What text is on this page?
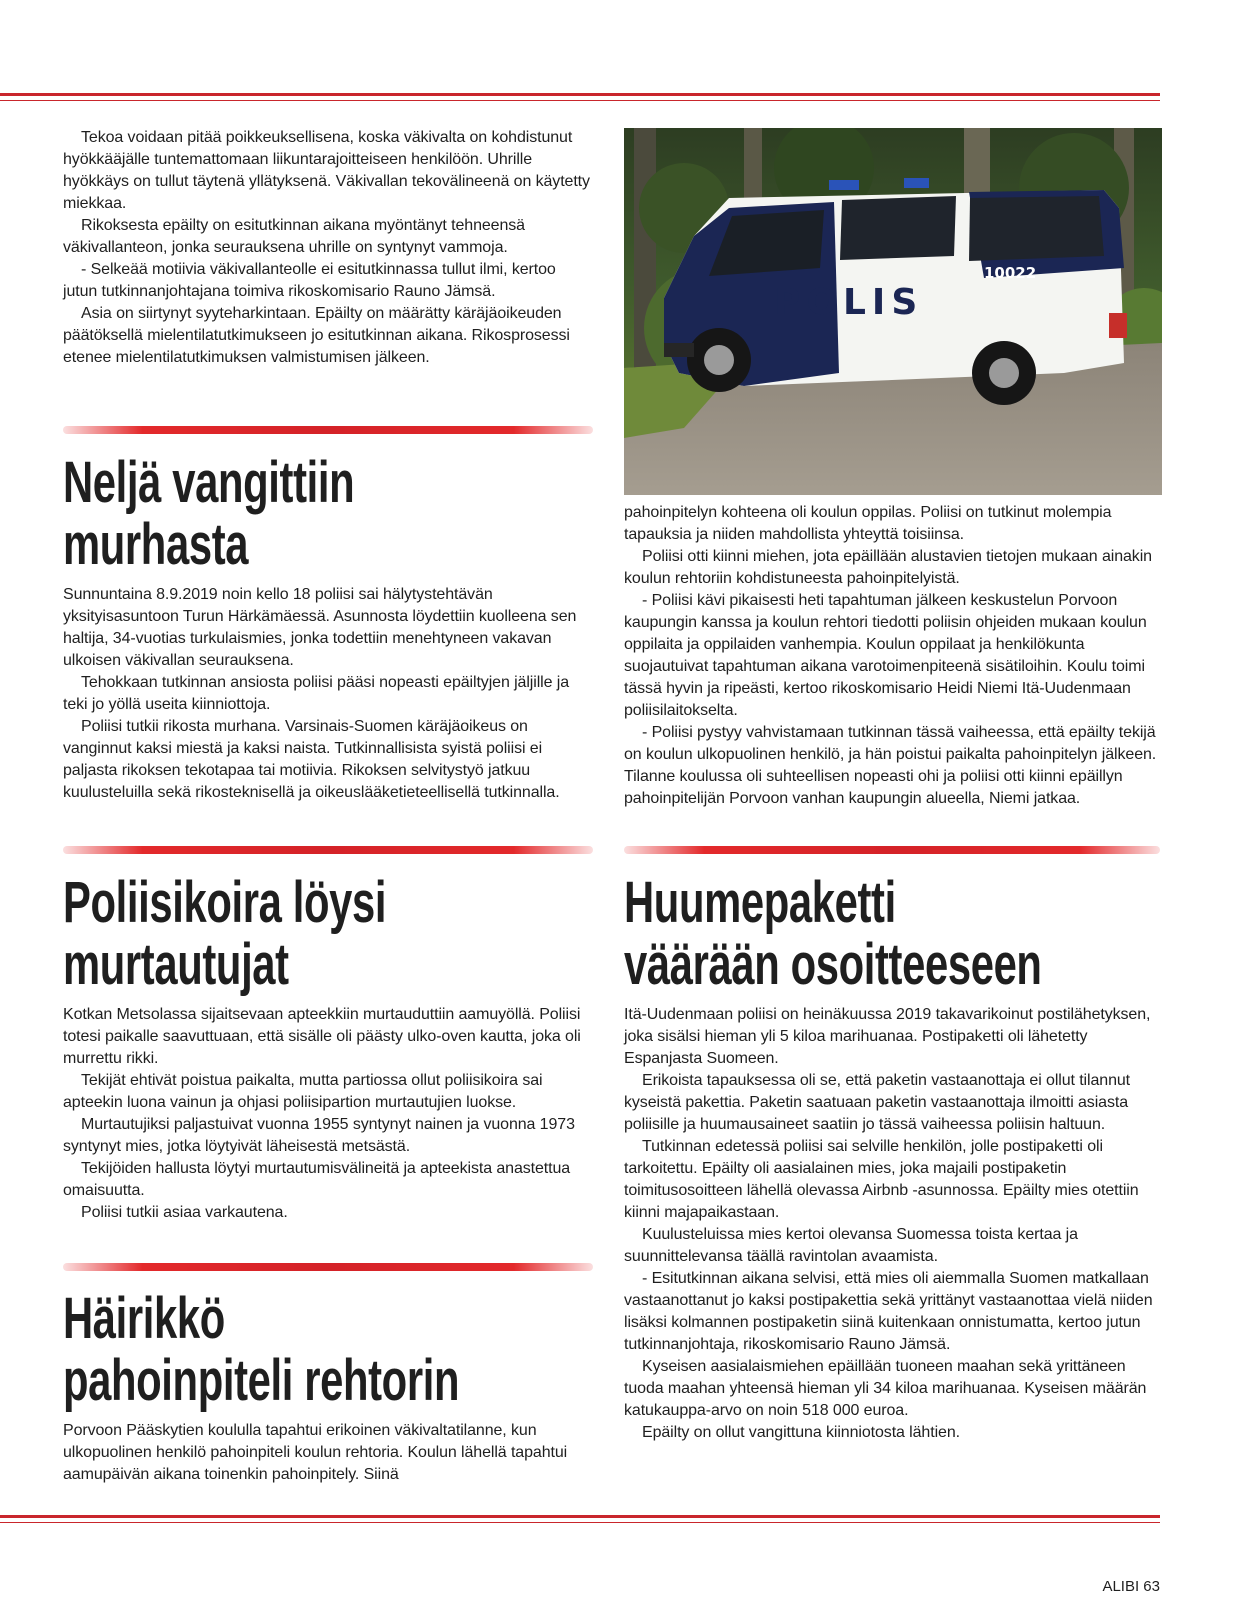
Tekoa voidaan pitää poikkeuksellisena, koska väkivalta on kohdistunut hyökkääjälle tuntemattomaan liikuntarajoitteiseen henkilöön. Uhrille hyökkäys on tullut täytenä yllätyksenä. Väkivallan tekovälineenä on käytetty miekkaa.

Rikoksesta epäilty on esitutkinnan aikana myöntänyt tehneensä väkivallanteon, jonka seurauksena uhrille on syntynyt vammoja.

- Selkeää motiivia väkivallanteolle ei esitutkinnassa tullut ilmi, kertoo jutun tutkinnanjohtajana toimiva rikoskomisario Rauno Jämsä.

Asia on siirtynyt syyteharkintaan. Epäilty on määrätty käräjäoikeuden päätöksellä mielentilatutkimukseen jo esitutkinnan aikana. Rikosprosessi etenee mielentilatutkimuksen valmistumisen jälkeen.

POLIS
10022
Neljä vangittiin
murhasta

Sunnuntaina 8.9.2019 noin kello 18 poliisi sai hälytystehtävän yksityisasuntoon Turun Härkämäessä. Asunnosta löydettiin kuolleena sen haltija, 34-vuotias turkulaismies, jonka todettiin menehtyneen vakavan ulkoisen väkivallan seurauksena.

Tehokkaan tutkinnan ansiosta poliisi pääsi nopeasti epäiltyjen jäljille ja teki jo yöllä useita kiinniottoja.

Poliisi tutkii rikosta murhana. Varsinais-Suomen käräjäoikeus on vanginnut kaksi miestä ja kaksi naista. Tutkinnallisista syistä poliisi ei paljasta rikoksen tekotapaa tai motiivia. Rikoksen selvitystyö jatkuu kuulusteluilla sekä rikosteknisellä ja oikeuslääketieteellisellä tutkinnalla.

pahoinpitelyn kohteena oli koulun oppilas. Poliisi on tutkinut molempia tapauksia ja niiden mahdollista yhteyttä toisiinsa.

Poliisi otti kiinni miehen, jota epäillään alustavien tietojen mukaan ainakin koulun rehtoriin kohdistuneesta pahoinpitelyistä.

- Poliisi kävi pikaisesti heti tapahtuman jälkeen keskustelun Porvoon kaupungin kanssa ja koulun rehtori tiedotti poliisin ohjeiden mukaan koulun oppilaita ja oppilaiden vanhempia. Koulun oppilaat ja henkilökunta suojautuivat tapahtuman aikana varotoimenpiteenä sisätiloihin. Koulu toimi tässä hyvin ja ripeästi, kertoo rikoskomisario Heidi Niemi Itä-Uudenmaan poliisilaitokselta.

- Poliisi pystyy vahvistamaan tutkinnan tässä vaiheessa, että epäilty tekijä on koulun ulkopuolinen henkilö, ja hän poistui paikalta pahoinpitelyn jälkeen. Tilanne koulussa oli suhteellisen nopeasti ohi ja poliisi otti kiinni epäillyn pahoinpitelijän Porvoon vanhan kaupungin alueella, Niemi jatkaa.

Poliisikoira löysi
murtautujat

Kotkan Metsolassa sijaitsevaan apteekkiin murtauduttiin aamuyöllä. Poliisi totesi paikalle saavuttuaan, että sisälle oli päästy ulko-oven kautta, joka oli murrettu rikki.

Tekijät ehtivät poistua paikalta, mutta partiossa ollut poliisikoira sai apteekin luona vainun ja ohjasi poliisipartion murtautujien luokse.

Murtautujiksi paljastuivat vuonna 1955 syntynyt nainen ja vuonna 1973 syntynyt mies, jotka löytyivät läheisestä metsästä.

Tekijöiden hallusta löytyi murtautumisvälineitä ja apteekista anastettua omaisuutta.

Poliisi tutkii asiaa varkautena.

Häirikkö
pahoinpiteli rehtorin

Porvoon Pääskytien koululla tapahtui erikoinen väkivaltatilanne, kun ulkopuolinen henkilö pahoinpiteli koulun rehtoria. Koulun lähellä tapahtui aamupäivän aikana toinenkin pahoinpitely. Siinä

Huumepaketti
väärään osoitteeseen

Itä-Uudenmaan poliisi on heinäkuussa 2019 takavarikoinut postilähetyksen, joka sisälsi hieman yli 5 kiloa marihuanaa. Postipaketti oli lähetetty Espanjasta Suomeen.

Erikoista tapauksessa oli se, että paketin vastaanottaja ei ollut tilannut kyseistä pakettia. Paketin saatuaan paketin vastaanottaja ilmoitti asiasta poliisille ja huumausaineet saatiin jo tässä vaiheessa poliisin haltuun.

Tutkinnan edetessä poliisi sai selville henkilön, jolle postipaketti oli tarkoitettu. Epäilty oli aasialainen mies, joka majaili postipaketin toimitusosoitteen lähellä olevassa Airbnb -asunnossa. Epäilty mies otettiin kiinni majapaikastaan.

Kuulusteluissa mies kertoi olevansa Suomessa toista kertaa ja suunnittelevansa täällä ravintolan avaamista.

- Esitutkinnan aikana selvisi, että mies oli aiemmalla Suomen matkallaan vastaanottanut jo kaksi postipakettia sekä yrittänyt vastaanottaa vielä niiden lisäksi kolmannen postipaketin siinä kuitenkaan onnistumatta, kertoo jutun tutkinnanjohtaja, rikoskomisario Rauno Jämsä.

Kyseisen aasialaismiehen epäillään tuoneen maahan sekä yrittäneen tuoda maahan yhteensä hieman yli 34 kiloa marihuanaa. Kyseisen määrän katukauppa-arvo on noin 518 000 euroa.

Epäilty on ollut vangittuna kiinniotosta lähtien.

ALIBI 63
